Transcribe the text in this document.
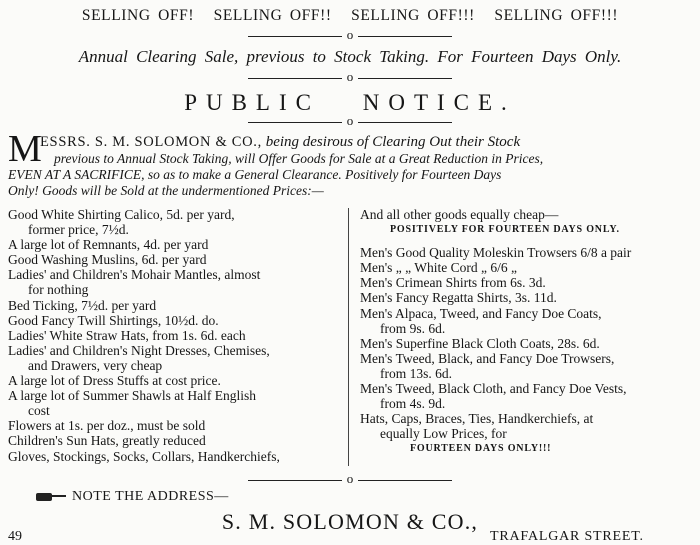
SELLING OFF! SELLING OFF!! SELLING OFF!!! SELLING OFF!!!
o
Annual Clearing Sale, previous to Stock Taking. For Fourteen Days Only.
o
PUBLIC NOTICE.
o
M
ESSRS. S. M. SOLOMON & CO., being desirous of Clearing Out their Stock
previous to Annual Stock Taking, will Offer Goods for Sale at a Great Reduction in Prices,
EVEN AT A SACRIFICE, so as to make a General Clearance. Positively for Fourteen Days
Only! Goods will be Sold at the undermentioned Prices:—
Good White Shirting Calico, 5d. per yard,
former price, 7½d.
A large lot of Remnants, 4d. per yard
Good Washing Muslins, 6d. per yard
Ladies' and Children's Mohair Mantles, almost
for nothing
Bed Ticking, 7½d. per yard
Good Fancy Twill Shirtings, 10½d. do.
Ladies' White Straw Hats, from 1s. 6d. each
Ladies' and Children's Night Dresses, Chemises,
and Drawers, very cheap
A large lot of Dress Stuffs at cost price.
A large lot of Summer Shawls at Half English
cost
Flowers at 1s. per doz., must be sold
Children's Sun Hats, greatly reduced
Gloves, Stockings, Socks, Collars, Handkerchiefs,
And all other goods equally cheap—
POSITIVELY FOR FOURTEEN DAYS ONLY.
Men's Good Quality Moleskin Trowsers 6/8 a pair
Men's „ „ White Cord „ 6/6 „
Men's Crimean Shirts from 6s. 3d.
Men's Fancy Regatta Shirts, 3s. 11d.
Men's Alpaca, Tweed, and Fancy Doe Coats,
from 9s. 6d.
Men's Superfine Black Cloth Coats, 28s. 6d.
Men's Tweed, Black, and Fancy Doe Trowsers,
from 13s. 6d.
Men's Tweed, Black Cloth, and Fancy Doe Vests,
from 4s. 9d.
Hats, Caps, Braces, Ties, Handkerchiefs, at
equally Low Prices, for
FOURTEEN DAYS ONLY!!!
o
NOTE THE ADDRESS—
S. M. SOLOMON & CO.,
49	TRAFALGAR STREET.
